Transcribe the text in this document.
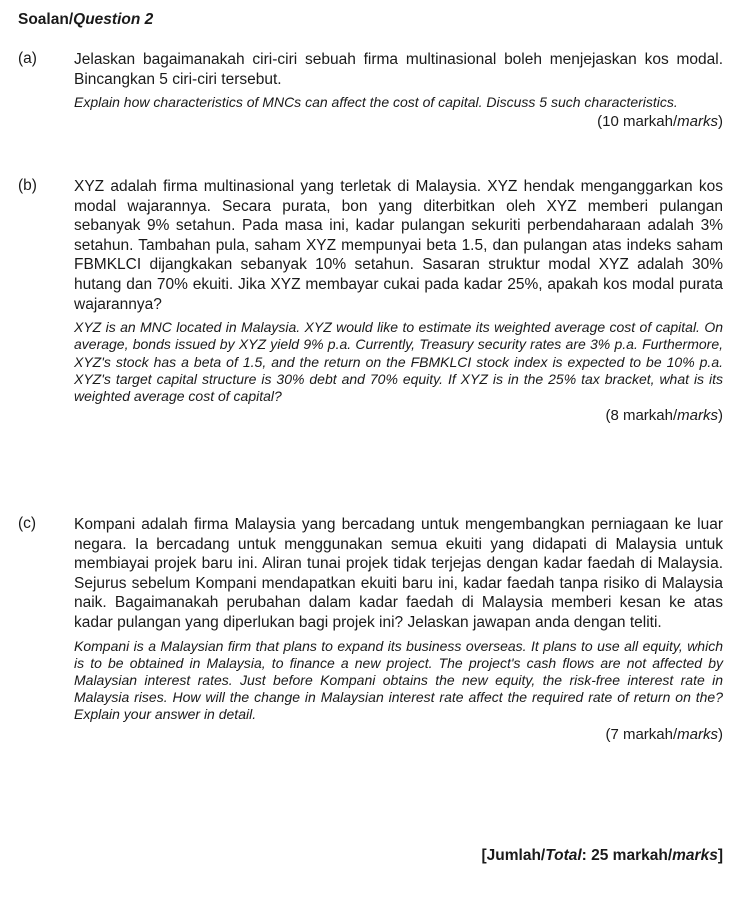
Soalan/Question 2
(a) Jelaskan bagaimanakah ciri-ciri sebuah firma multinasional boleh menjejaskan kos modal. Bincangkan 5 ciri-ciri tersebut.

Explain how characteristics of MNCs can affect the cost of capital. Discuss 5 such characteristics.

(10 markah/marks)
(b) XYZ adalah firma multinasional yang terletak di Malaysia. XYZ hendak menganggarkan kos modal wajarannya. Secara purata, bon yang diterbitkan oleh XYZ memberi pulangan sebanyak 9% setahun. Pada masa ini, kadar pulangan sekuriti perbendaharaan adalah 3% setahun. Tambahan pula, saham XYZ mempunyai beta 1.5, dan pulangan atas indeks saham FBMKLCI dijangkakan sebanyak 10% setahun. Sasaran struktur modal XYZ adalah 30% hutang dan 70% ekuiti. Jika XYZ membayar cukai pada kadar 25%, apakah kos modal purata wajarannya?

XYZ is an MNC located in Malaysia. XYZ would like to estimate its weighted average cost of capital. On average, bonds issued by XYZ yield 9% p.a. Currently, Treasury security rates are 3% p.a. Furthermore, XYZ's stock has a beta of 1.5, and the return on the FBMKLCI stock index is expected to be 10% p.a. XYZ's target capital structure is 30% debt and 70% equity. If XYZ is in the 25% tax bracket, what is its weighted average cost of capital?

(8 markah/marks)
(c) Kompani adalah firma Malaysia yang bercadang untuk mengembangkan perniagaan ke luar negara. Ia bercadang untuk menggunakan semua ekuiti yang didapati di Malaysia untuk membiayai projek baru ini. Aliran tunai projek tidak terjejas dengan kadar faedah di Malaysia. Sejurus sebelum Kompani mendapatkan ekuiti baru ini, kadar faedah tanpa risiko di Malaysia naik. Bagaimanakah perubahan dalam kadar faedah di Malaysia memberi kesan ke atas kadar pulangan yang diperlukan bagi projek ini? Jelaskan jawapan anda dengan teliti.

Kompani is a Malaysian firm that plans to expand its business overseas. It plans to use all equity, which is to be obtained in Malaysia, to finance a new project. The project's cash flows are not affected by Malaysian interest rates. Just before Kompani obtains the new equity, the risk-free interest rate in Malaysia rises. How will the change in Malaysian interest rate affect the required rate of return on the? Explain your answer in detail.

(7 markah/marks)
[Jumlah/Total: 25 markah/marks]
